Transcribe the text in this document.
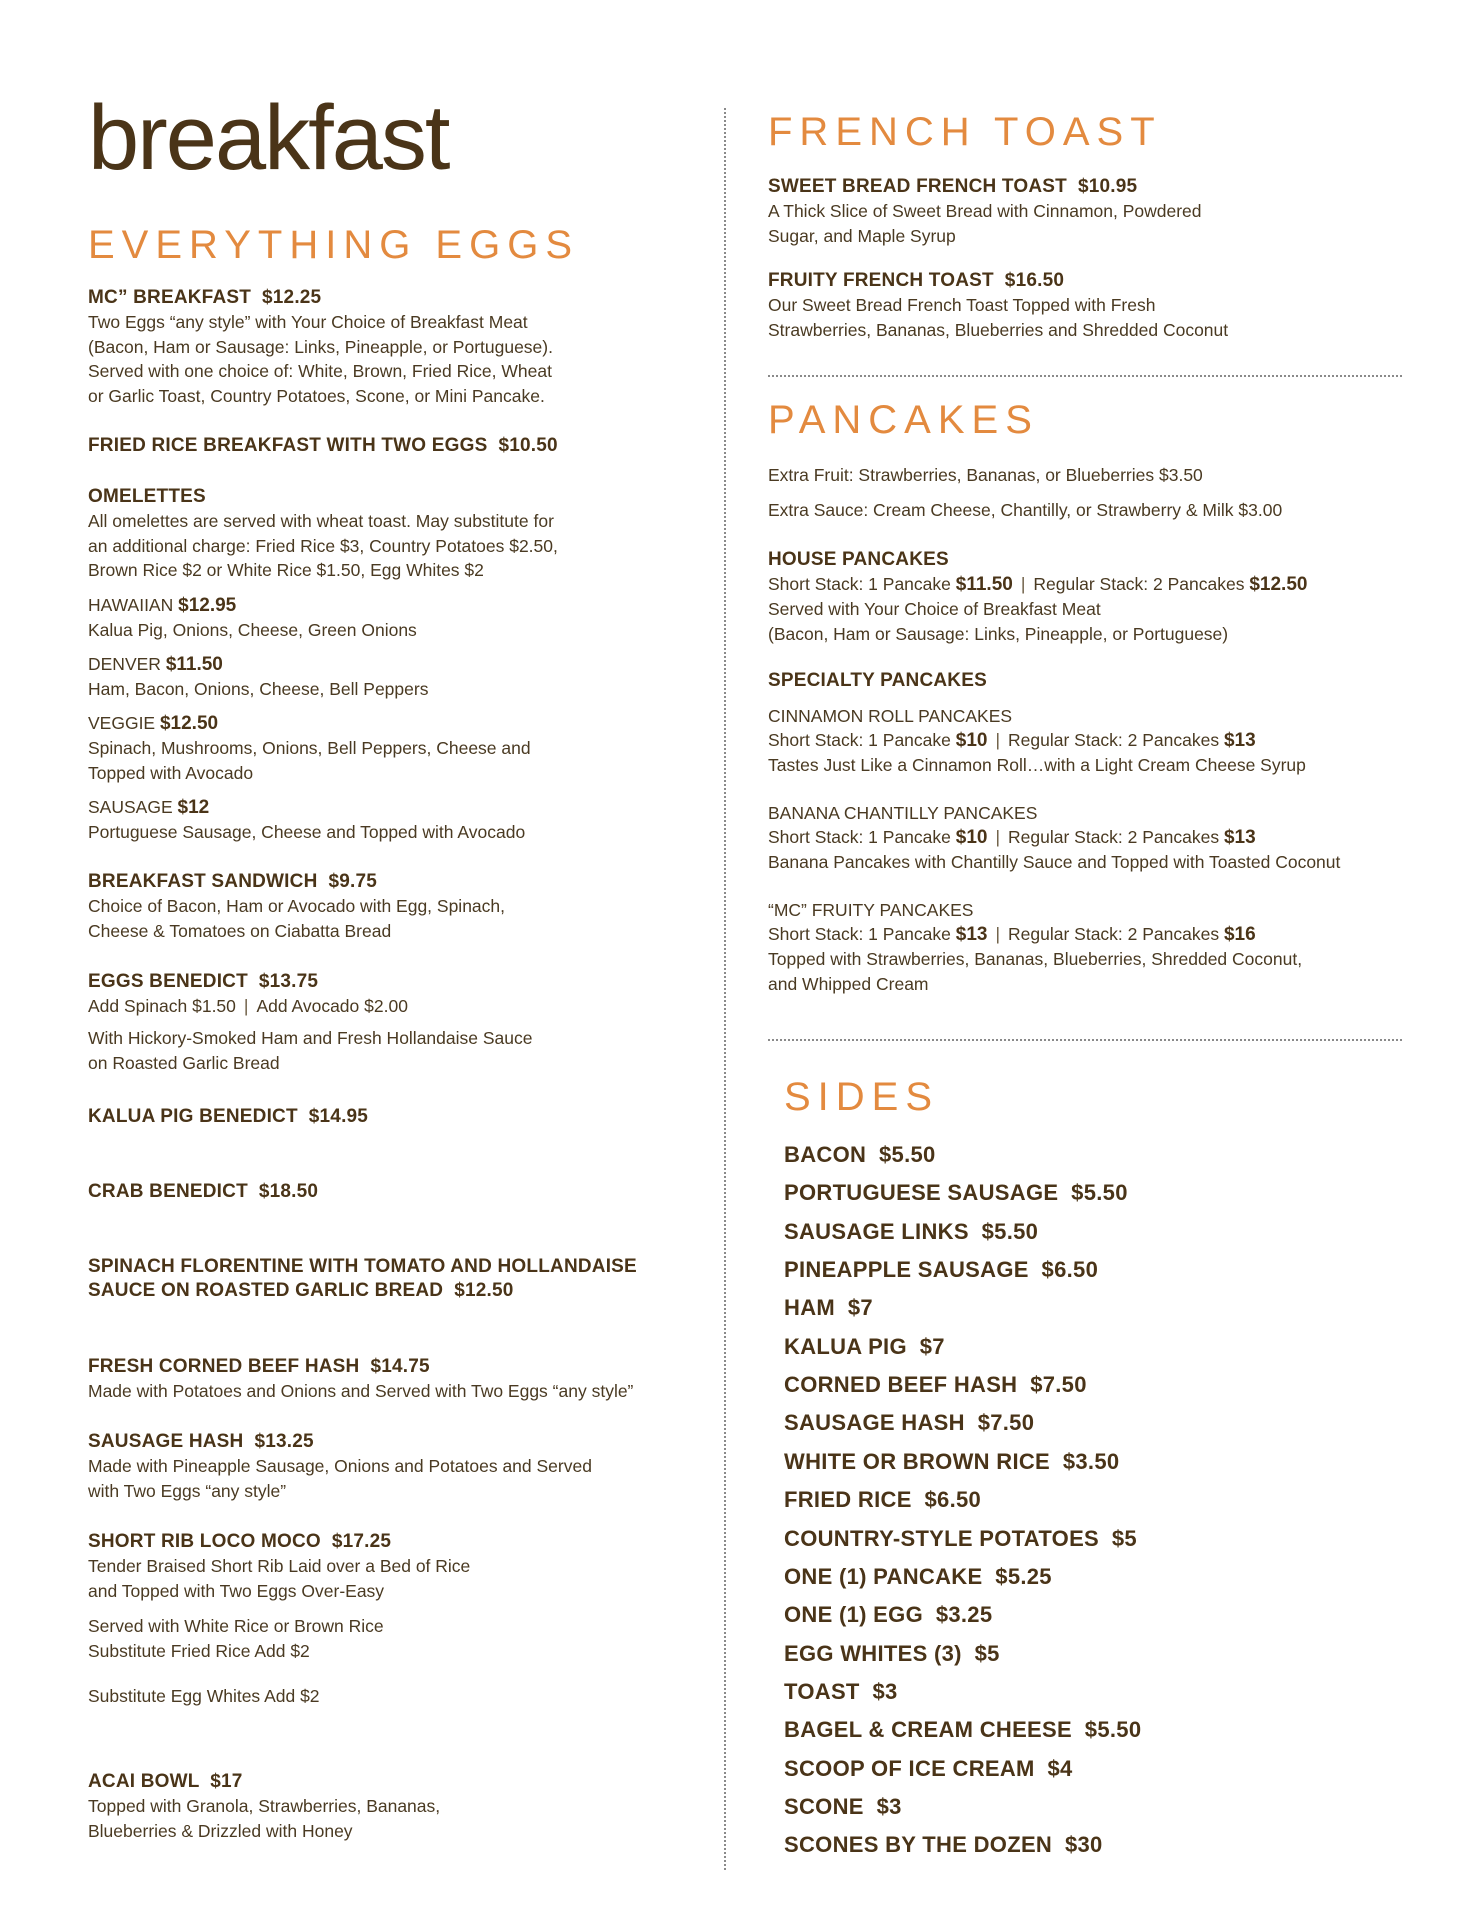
breakfast
EVERYTHING EGGS
MC” BREAKFAST $12.25
Two Eggs “any style” with Your Choice of Breakfast Meat
(Bacon, Ham or Sausage: Links, Pineapple, or Portuguese).
Served with one choice of: White, Brown, Fried Rice, Wheat
or Garlic Toast, Country Potatoes, Scone, or Mini Pancake.
FRIED RICE BREAKFAST WITH TWO EGGS $10.50
OMELETTES
All omelettes are served with wheat toast. May substitute for
an additional charge: Fried Rice $3, Country Potatoes $2.50,
Brown Rice $2 or White Rice $1.50, Egg Whites $2
HAWAIIAN $12.95
Kalua Pig, Onions, Cheese, Green Onions
DENVER $11.50
Ham, Bacon, Onions, Cheese, Bell Peppers
VEGGIE $12.50
Spinach, Mushrooms, Onions, Bell Peppers, Cheese and
Topped with Avocado
SAUSAGE $12
Portuguese Sausage, Cheese and Topped with Avocado
BREAKFAST SANDWICH $9.75
Choice of Bacon, Ham or Avocado with Egg, Spinach,
Cheese & Tomatoes on Ciabatta Bread
EGGS BENEDICT $13.75
Add Spinach $1.50 | Add Avocado $2.00
With Hickory-Smoked Ham and Fresh Hollandaise Sauce
on Roasted Garlic Bread
KALUA PIG BENEDICT $14.95
CRAB BENEDICT $18.50
SPINACH FLORENTINE WITH TOMATO AND HOLLANDAISE
SAUCE ON ROASTED GARLIC BREAD $12.50
FRESH CORNED BEEF HASH $14.75
Made with Potatoes and Onions and Served with Two Eggs “any style”
SAUSAGE HASH $13.25
Made with Pineapple Sausage, Onions and Potatoes and Served
with Two Eggs “any style”
SHORT RIB LOCO MOCO $17.25
Tender Braised Short Rib Laid over a Bed of Rice
and Topped with Two Eggs Over-Easy
Served with White Rice or Brown Rice
Substitute Fried Rice Add $2
Substitute Egg Whites Add $2
ACAI BOWL $17
Topped with Granola, Strawberries, Bananas,
Blueberries & Drizzled with Honey
FRENCH TOAST
SWEET BREAD FRENCH TOAST $10.95
A Thick Slice of Sweet Bread with Cinnamon, Powdered
Sugar, and Maple Syrup
FRUITY FRENCH TOAST $16.50
Our Sweet Bread French Toast Topped with Fresh
Strawberries, Bananas, Blueberries and Shredded Coconut
PANCAKES
Extra Fruit: Strawberries, Bananas, or Blueberries $3.50
Extra Sauce: Cream Cheese, Chantilly, or Strawberry & Milk $3.00
HOUSE PANCAKES
Short Stack: 1 Pancake $11.50 | Regular Stack: 2 Pancakes $12.50
Served with Your Choice of Breakfast Meat
(Bacon, Ham or Sausage: Links, Pineapple, or Portuguese)
SPECIALTY PANCAKES
CINNAMON ROLL PANCAKES
Short Stack: 1 Pancake $10 | Regular Stack: 2 Pancakes $13
Tastes Just Like a Cinnamon Roll…with a Light Cream Cheese Syrup
BANANA CHANTILLY PANCAKES
Short Stack: 1 Pancake $10 | Regular Stack: 2 Pancakes $13
Banana Pancakes with Chantilly Sauce and Topped with Toasted Coconut
“MC” FRUITY PANCAKES
Short Stack: 1 Pancake $13 | Regular Stack: 2 Pancakes $16
Topped with Strawberries, Bananas, Blueberries, Shredded Coconut,
and Whipped Cream
SIDES
BACON $5.50
PORTUGUESE SAUSAGE $5.50
SAUSAGE LINKS $5.50
PINEAPPLE SAUSAGE $6.50
HAM $7
KALUA PIG $7
CORNED BEEF HASH $7.50
SAUSAGE HASH $7.50
WHITE OR BROWN RICE $3.50
FRIED RICE $6.50
COUNTRY-STYLE POTATOES $5
ONE (1) PANCAKE $5.25
ONE (1) EGG $3.25
EGG WHITES (3) $5
TOAST $3
BAGEL & CREAM CHEESE $5.50
SCOOP OF ICE CREAM $4
SCONE $3
SCONES BY THE DOZEN $30
